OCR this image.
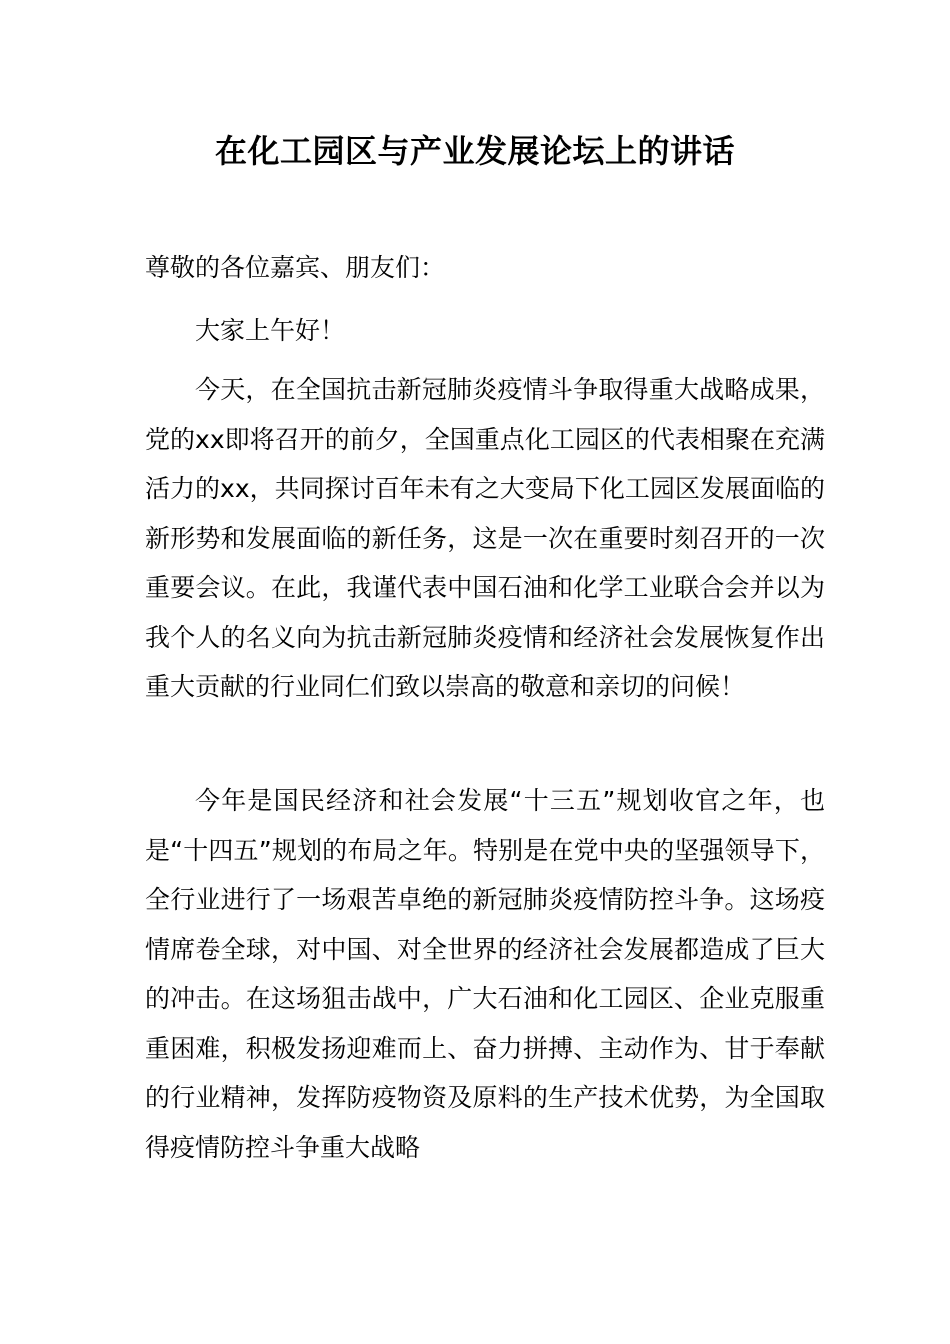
在化工园区与产业发展论坛上的讲话
尊敬的各位嘉宾、朋友们：

大家上午好！

今天，在全国抗击新冠肺炎疫情斗争取得重大战略成果，党的xx即将召开的前夕，全国重点化工园区的代表相聚在充满活力的xx，共同探讨百年未有之大变局下化工园区发展面临的新形势和发展面临的新任务，这是一次在重要时刻召开的一次重要会议。在此，我谨代表中国石油和化学工业联合会并以为我个人的名义向为抗击新冠肺炎疫情和经济社会发展恢复作出重大贡献的行业同仁们致以崇高的敬意和亲切的问候！

今年是国民经济和社会发展“十三五”规划收官之年，也是“十四五”规划的布局之年。特别是在党中央的坚强领导下，全行业进行了一场艰苦卓绝的新冠肺炎疫情防控斗争。这场疫情席卷全球，对中国、对全世界的经济社会发展都造成了巨大的冲击。在这场狙击战中，广大石油和化工园区、企业克服重重困难，积极发扬迎难而上、奋力拼搏、主动作为、甘于奉献的行业精神，发挥防疫物资及原料的生产技术优势，为全国取得疫情防控斗争重大战略
